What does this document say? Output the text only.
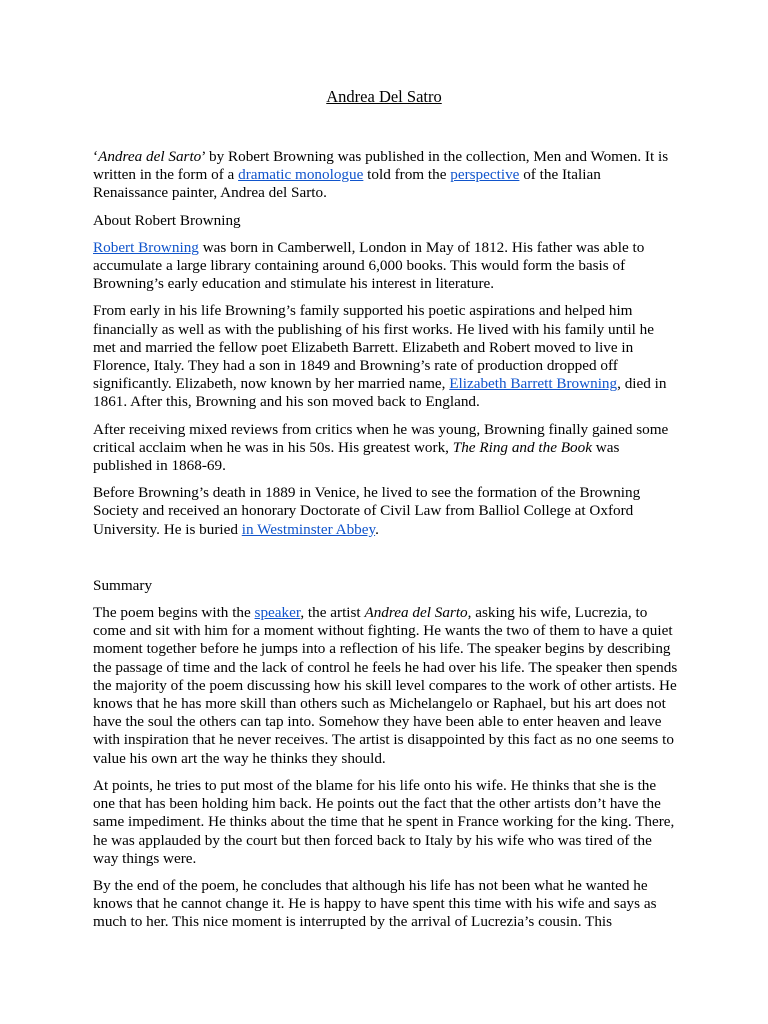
Andrea Del Satro

‘Andrea del Sarto’ by Robert Browning was published in the collection, Men and Women. It is written in the form of a dramatic monologue told from the perspective of the Italian Renaissance painter, Andrea del Sarto.

About Robert Browning

Robert Browning was born in Camberwell, London in May of 1812. His father was able to accumulate a large library containing around 6,000 books. This would form the basis of Browning’s early education and stimulate his interest in literature.

From early in his life Browning’s family supported his poetic aspirations and helped him financially as well as with the publishing of his first works. He lived with his family until he met and married the fellow poet Elizabeth Barrett. Elizabeth and Robert moved to live in Florence, Italy. They had a son in 1849 and Browning’s rate of production dropped off significantly. Elizabeth, now known by her married name, Elizabeth Barrett Browning, died in 1861. After this, Browning and his son moved back to England.

After receiving mixed reviews from critics when he was young, Browning finally gained some critical acclaim when he was in his 50s. His greatest work, The Ring and the Book was published in 1868-69.

Before Browning’s death in 1889 in Venice, he lived to see the formation of the Browning Society and received an honorary Doctorate of Civil Law from Balliol College at Oxford University. He is buried in Westminster Abbey.

Summary

The poem begins with the speaker, the artist Andrea del Sarto, asking his wife, Lucrezia, to come and sit with him for a moment without fighting. He wants the two of them to have a quiet moment together before he jumps into a reflection of his life. The speaker begins by describing the passage of time and the lack of control he feels he had over his life. The speaker then spends the majority of the poem discussing how his skill level compares to the work of other artists. He knows that he has more skill than others such as Michelangelo or Raphael, but his art does not have the soul the others can tap into. Somehow they have been able to enter heaven and leave with inspiration that he never receives. The artist is disappointed by this fact as no one seems to value his own art the way he thinks they should.

At points, he tries to put most of the blame for his life onto his wife. He thinks that she is the one that has been holding him back. He points out the fact that the other artists don’t have the same impediment. He thinks about the time that he spent in France working for the king. There, he was applauded by the court but then forced back to Italy by his wife who was tired of the way things were.

By the end of the poem, he concludes that although his life has not been what he wanted he knows that he cannot change it. He is happy to have spent this time with his wife and says as much to her. This nice moment is interrupted by the arrival of Lucrezia’s cousin. This
